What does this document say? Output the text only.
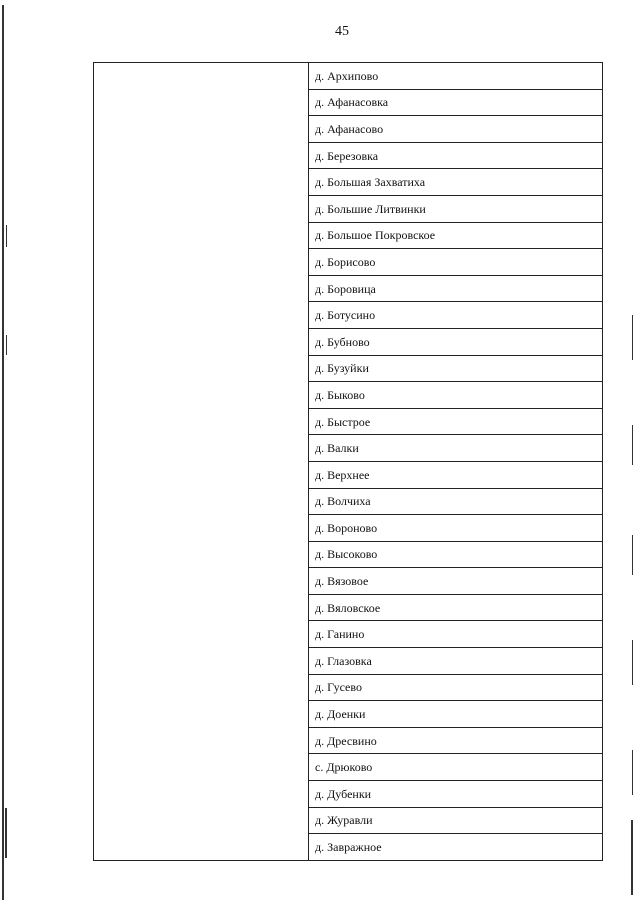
45
	д. Архипово
д. Афанасовка
д. Афанасово
д. Березовка
д. Большая Захватиха
д. Большие Литвинки
д. Большое Покровское
д. Борисово
д. Боровица
д. Ботусино
д. Бубново
д. Бузуйки
д. Быково
д. Быстрое
д. Валки
д. Верхнее
д. Волчиха
д. Вороново
д. Высоково
д. Вязовое
д. Вяловское
д. Ганино
д. Глазовка
д. Гусево
д. Доенки
д. Дресвино
с. Дрюково
д. Дубенки
д. Журавли
д. Завражное
